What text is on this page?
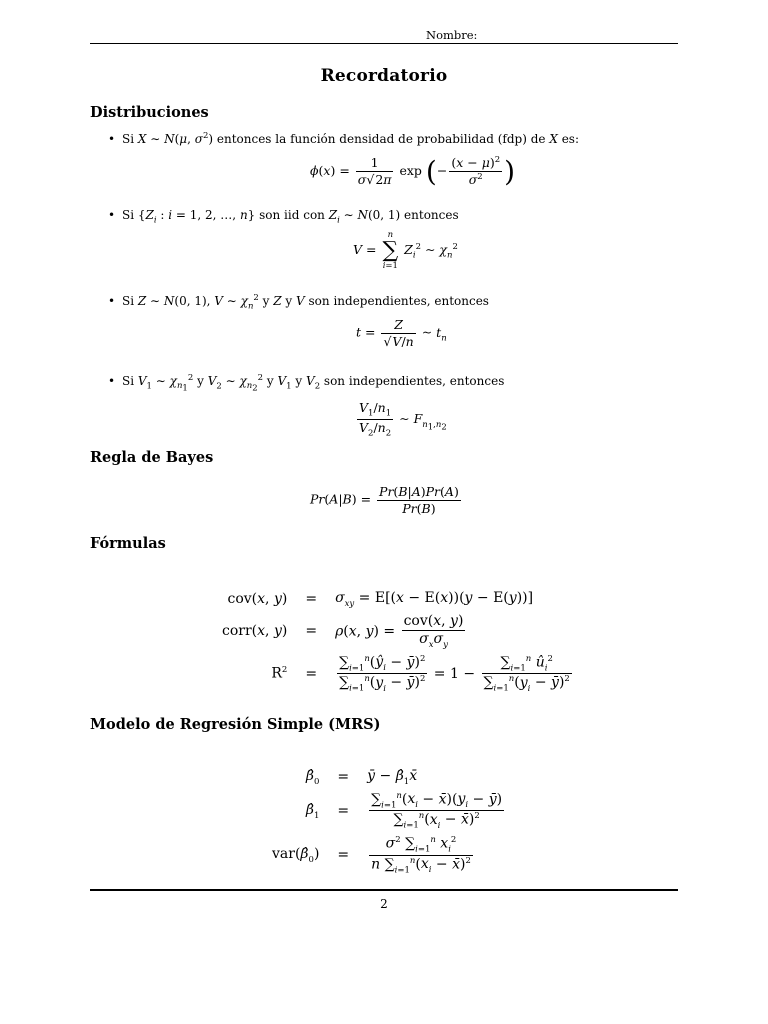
Nombre:
Recordatorio
Distribuciones
• Si X ∼ N(μ, $\sigma^2$) entonces la función densidad de probabilidad (fdp) de X es:
$\phi(x) = \frac{1}{\sigma√2\pi}$ exp (− $\frac{(x - \mu)^2}{\sigma^2}$ )
• Si {$Z_i$ : i = 1, 2, …, n} son iid con $Z_i$ ∼ N(0, 1) entonces
V =
n
∑
i=1
$Z_i^2$ ∼ $\chi_n^2$
• Si Z ∼ N(0, 1), V ∼ $\chi_n^2$ y Z y V son independientes, entonces
$t = \frac{Z}{√V/n}$ ∼ $t_n$
• Si $V_1$ ∼ $\chi_{n_1}^2$ y $V_2$ ∼ $\chi_{n_2}^2$ y $V_1$ y $V_2$ son independientes, entonces
$\frac{V_1/n_1}{V_2/n_2}$ ∼ $F_{n_1,n_2}$
Regla de Bayes
$Pr(A|B) = \frac{Pr(B|A)Pr(A)}{Pr(B)}$
Fórmulas
cov(x, y)	=	$\sigma_{xy} = E[(x - E(x))(y - E(y))]$
corr(x, y)	=	ρ(x, $y) = \frac{\text{cov(x, y)}}{\sigma_x\sigma_y}$

$R^2$	=	$\frac{\sum_{i=1}^n(ŷ_i - ȳ)^2}{\sum_{i=1}^n(y_i - ȳ)^2} = 1 - \frac{\sum_{i=1}^n û_i^2}{\sum_{i=1}^n(y_i - ȳ)^2}$
Modelo de Regresión Simple (MRS)
$\betâ_0$	=	ȳ − $\betâ_1x̄$
$\betâ_1$	=	$\frac{\sum_{i=1}^n(x_i - x̄)(y_i - ȳ)}{\sum_{i=1}^n(x_i - x̄)^2}$

$var(\betâ_0)$	=	$\frac{\sigma^2 \sum_{i=1}^n x_i^2}{n \sum_{i=1}^n(x_i - x̄)^2}$
2
